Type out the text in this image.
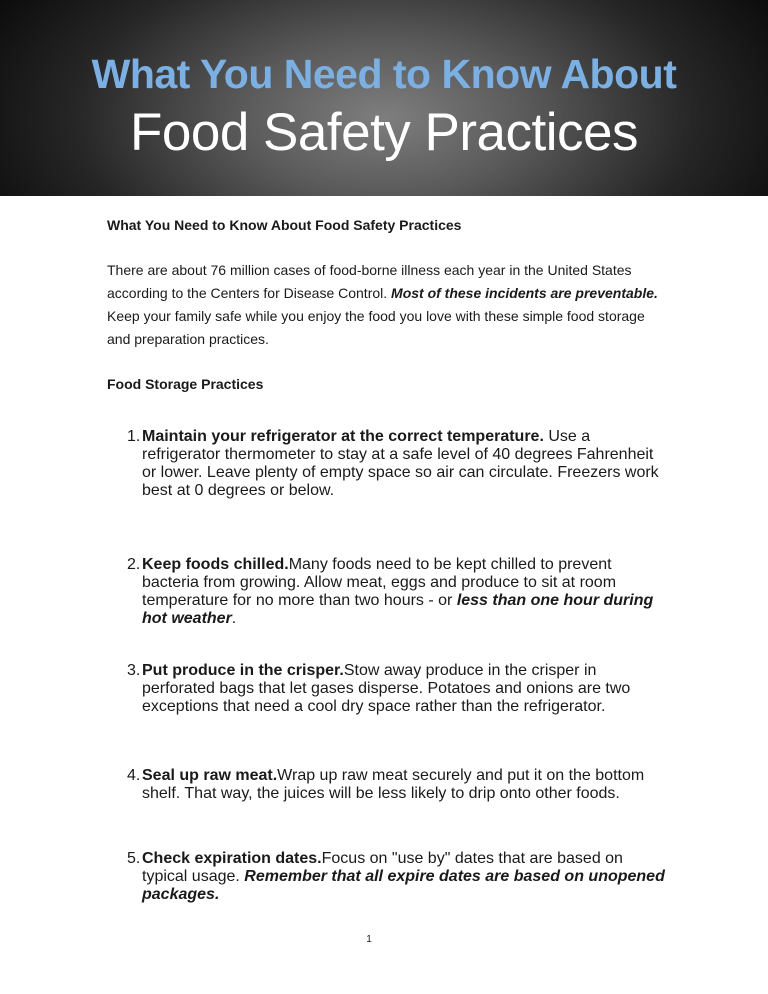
What You Need to Know About
Food Safety Practices

What You Need to Know About Food Safety Practices

There are about 76 million cases of food-borne illness each year in the United States according to the Centers for Disease Control. Most of these incidents are preventable. Keep your family safe while you enjoy the food you love with these simple food storage and preparation practices.

Food Storage Practices

1. Maintain your refrigerator at the correct temperature. Use a refrigerator thermometer to stay at a safe level of 40 degrees Fahrenheit or lower. Leave plenty of empty space so air can circulate. Freezers work best at 0 degrees or below.
2. Keep foods chilled.Many foods need to be kept chilled to prevent bacteria from growing. Allow meat, eggs and produce to sit at room temperature for no more than two hours - or less than one hour during hot weather.
3. Put produce in the crisper.Stow away produce in the crisper in perforated bags that let gases disperse. Potatoes and onions are two exceptions that need a cool dry space rather than the refrigerator.
4. Seal up raw meat.Wrap up raw meat securely and put it on the bottom shelf. That way, the juices will be less likely to drip onto other foods.
5. Check expiration dates.Focus on "use by" dates that are based on typical usage. Remember that all expire dates are based on unopened packages.
1
